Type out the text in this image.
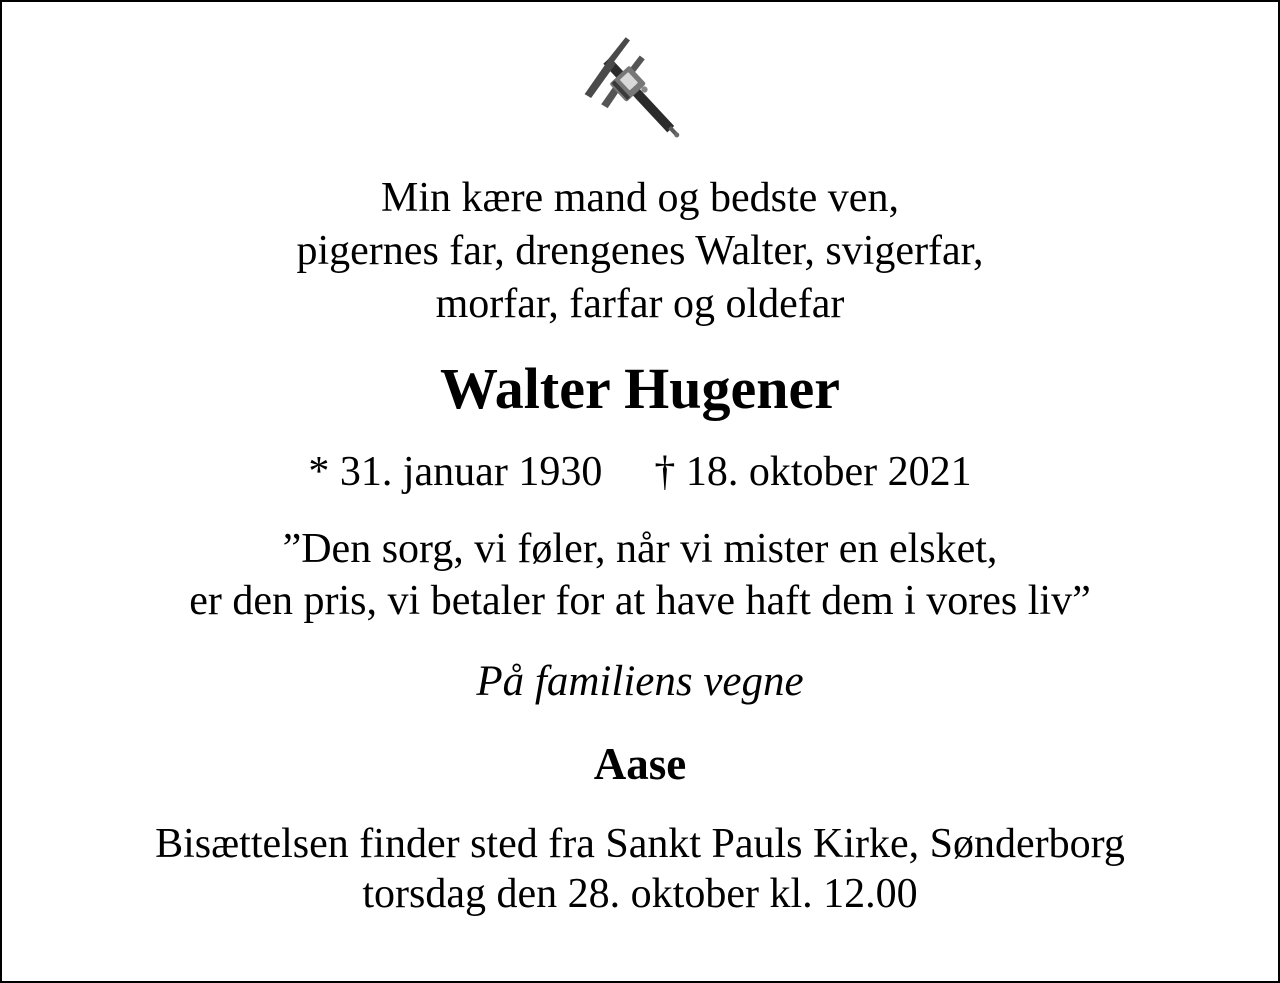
Min kære mand og bedste ven,
pigernes far, drengenes Walter, svigerfar,
morfar, farfar og oldefar
Walter Hugener
* 31. januar 1930 † 18. oktober 2021
”Den sorg, vi føler, når vi mister en elsket,
er den pris, vi betaler for at have haft dem i vores liv”
På familiens vegne
Aase
Bisættelsen finder sted fra Sankt Pauls Kirke, Sønderborg
torsdag den 28. oktober kl. 12.00
